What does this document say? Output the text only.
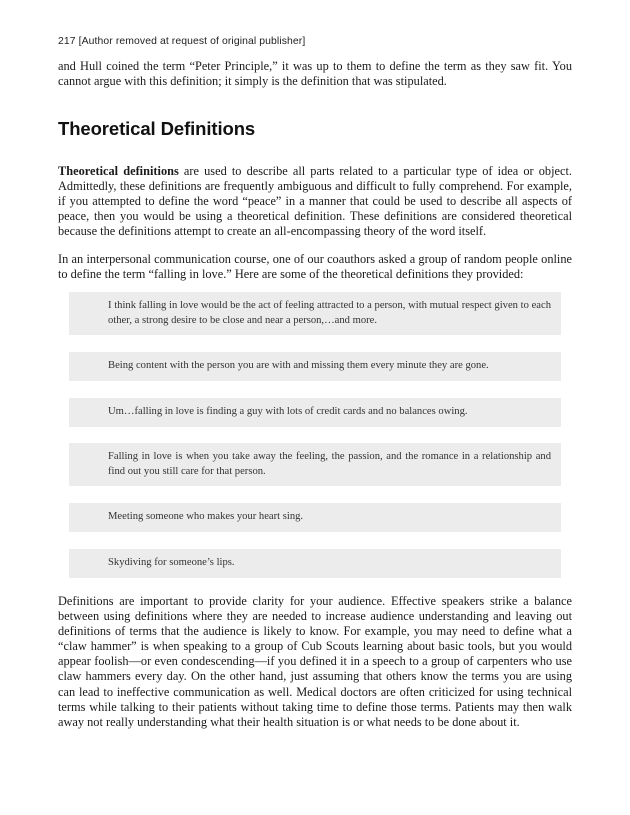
217 [Author removed at request of original publisher]

and Hull coined the term “Peter Principle,” it was up to them to define the term as they saw fit. You cannot argue with this definition; it simply is the definition that was stipulated.

Theoretical Definitions

Theoretical definitions are used to describe all parts related to a particular type of idea or object. Admittedly, these definitions are frequently ambiguous and difficult to fully comprehend. For example, if you attempted to define the word “peace” in a manner that could be used to describe all aspects of peace, then you would be using a theoretical definition. These definitions are considered theoretical because the definitions attempt to create an all-encompassing theory of the word itself.

In an interpersonal communication course, one of our coauthors asked a group of random people online to define the term “falling in love.” Here are some of the theoretical definitions they provided:

I think falling in love would be the act of feeling attracted to a person, with mutual respect given to each other, a strong desire to be close and near a person,…and more.
Being content with the person you are with and missing them every minute they are gone.
Um…falling in love is finding a guy with lots of credit cards and no balances owing.
Falling in love is when you take away the feeling, the passion, and the romance in a relationship and find out you still care for that person.
Meeting someone who makes your heart sing.
Skydiving for someone’s lips.

Definitions are important to provide clarity for your audience. Effective speakers strike a balance between using definitions where they are needed to increase audience understanding and leaving out definitions of terms that the audience is likely to know. For example, you may need to define what a “claw hammer” is when speaking to a group of Cub Scouts learning about basic tools, but you would appear foolish—or even condescending—if you defined it in a speech to a group of carpenters who use claw hammers every day. On the other hand, just assuming that others know the terms you are using can lead to ineffective communication as well. Medical doctors are often criticized for using technical terms while talking to their patients without taking time to define those terms. Patients may then walk away not really understanding what their health situation is or what needs to be done about it.
